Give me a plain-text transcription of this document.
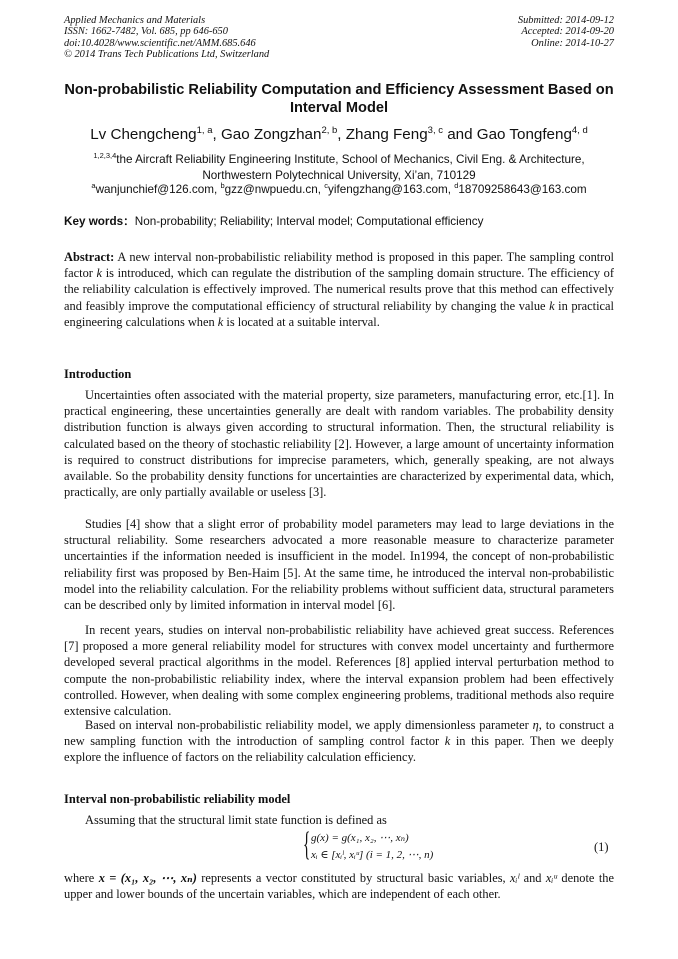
Applied Mechanics and Materials
ISSN: 1662-7482, Vol. 685, pp 646-650
doi:10.4028/www.scientific.net/AMM.685.646
© 2014 Trans Tech Publications Ltd, Switzerland
Submitted: 2014-09-12
Accepted: 2014-09-20
Online: 2014-10-27
Non-probabilistic Reliability Computation and Efficiency Assessment Based on Interval Model
Lv Chengcheng$^{1, a}$, Gao Zongzhan$^{2, b}$, Zhang Feng$^{3, c}$ and Gao Tongfeng$^{4, d}$
$^{1,2,3,4}$the Aircraft Reliability Engineering Institute, School of Mechanics, Civil Eng. & Architecture,
Northwestern Polytechnical University, Xi’an, 710129
$^a$wanjunchief@126.com, $^b$gzz@nwpuedu.cn, $^c$yifengzhang@163.com, $^d$18709258643@163.com
Key words：Non-probability; Reliability; Interval model; Computational efficiency
Abstract: A new interval non-probabilistic reliability method is proposed in this paper. The sampling control factor k is introduced, which can regulate the distribution of the sampling domain structure. The efficiency of the reliability calculation is effectively improved. The numerical results prove that this method can effectively and feasibly improve the computational efficiency of structural reliability by changing the value k in practical engineering calculations when k is located at a suitable interval.
Introduction
Uncertainties often associated with the material property, size parameters, manufacturing error, etc.[1]. In practical engineering, these uncertainties generally are dealt with random variables. The probability density distribution function is always given according to structural information. Then, the structural reliability is calculated based on the theory of stochastic reliability [2]. However, a large amount of uncertainty information is required to construct distributions for imprecise parameters, which, generally speaking, are not always available. So the probability density functions for uncertainties are characterized by experimental data, which, practically, are only partially available or useless [3].
Studies [4] show that a slight error of probability model parameters may lead to large deviations in the structural reliability. Some researchers advocated a more reasonable measure to characterize parameter uncertainties if the information needed is insufficient in the model. In1994, the concept of non-probabilistic reliability first was proposed by Ben-Haim [5]. At the same time, he introduced the interval non-probabilistic model into the reliability calculation. For the reliability problems without sufficient data, structural parameters can be described only by limited information in interval model [6].
In recent years, studies on interval non-probabilistic reliability have achieved great success. References [7] proposed a more general reliability model for structures with convex model uncertainty and furthermore developed several practical algorithms in the model. References [8] applied interval perturbation method to compute the non-probabilistic reliability index, where the interval expansion problem had been effectively controlled. However, when dealing with some complex engineering problems, traditional methods also require extensive calculation.
Based on interval non-probabilistic reliability model, we apply dimensionless parameter η, to construct a new sampling function with the introduction of sampling control factor k in this paper. Then we deeply explore the influence of factors on the reliability calculation efficiency.
Interval non-probabilistic reliability model
Assuming that the structural limit state function is defined as
{ g(x) = g(x₁, x₂, ⋯, xₙ)
xᵢ ∈ [xᵢˡ, xᵢᵘ] (i = 1, 2, ⋯, n)
(1)
where x = (x₁, x₂, ⋯, xₙ) represents a vector constituted by structural basic variables, xᵢˡ and xᵢᵘ denote the upper and lower bounds of the uncertain variables, which are independent of each other.
